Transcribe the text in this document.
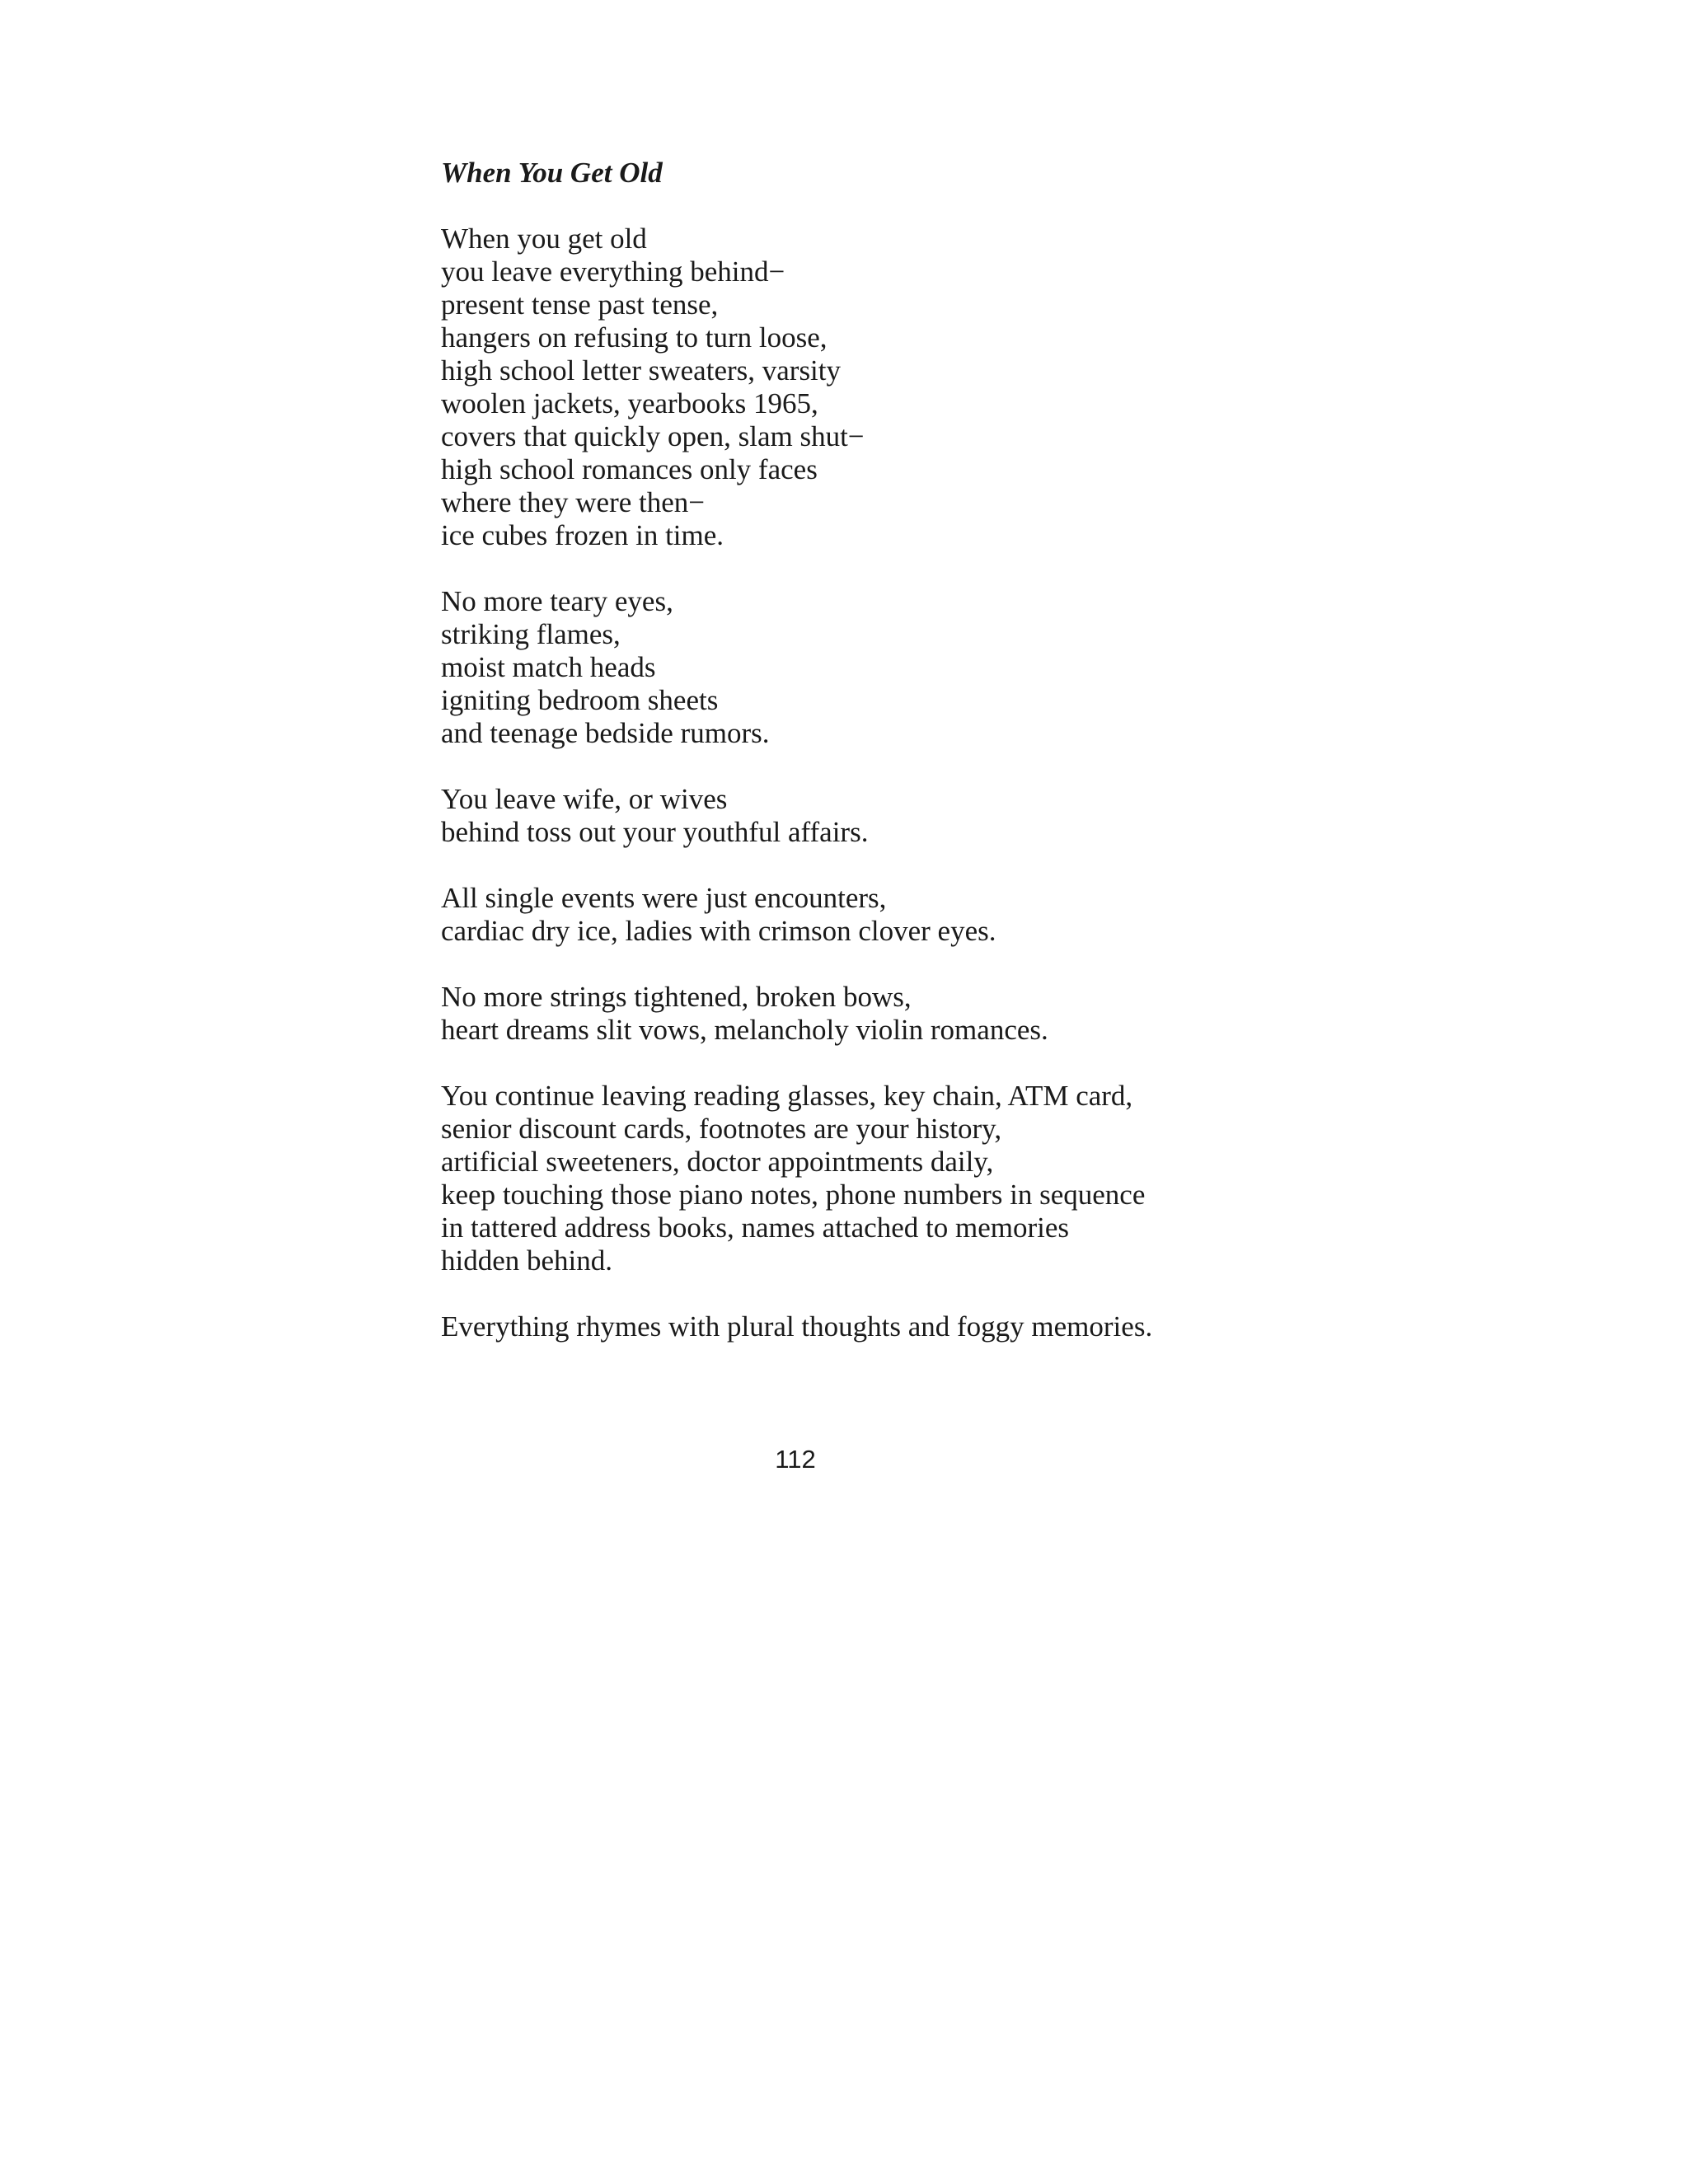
When You Get Old
When you get old
you leave everything behind−
present tense past tense,
hangers on refusing to turn loose,
high school letter sweaters, varsity
woolen jackets, yearbooks 1965,
covers that quickly open, slam shut−
high school romances only faces
where they were then−
ice cubes frozen in time.
No more teary eyes,
striking flames,
moist match heads
igniting bedroom sheets
and teenage bedside rumors.
You leave wife, or wives
behind toss out your youthful affairs.
All single events were just encounters,
cardiac dry ice, ladies with crimson clover eyes.
No more strings tightened, broken bows,
heart dreams slit vows, melancholy violin romances.
You continue leaving reading glasses, key chain, ATM card,
senior discount cards, footnotes are your history,
artificial sweeteners, doctor appointments daily,
keep touching those piano notes, phone numbers in sequence
in tattered address books, names attached to memories
hidden behind.
Everything rhymes with plural thoughts and foggy memories.
112
